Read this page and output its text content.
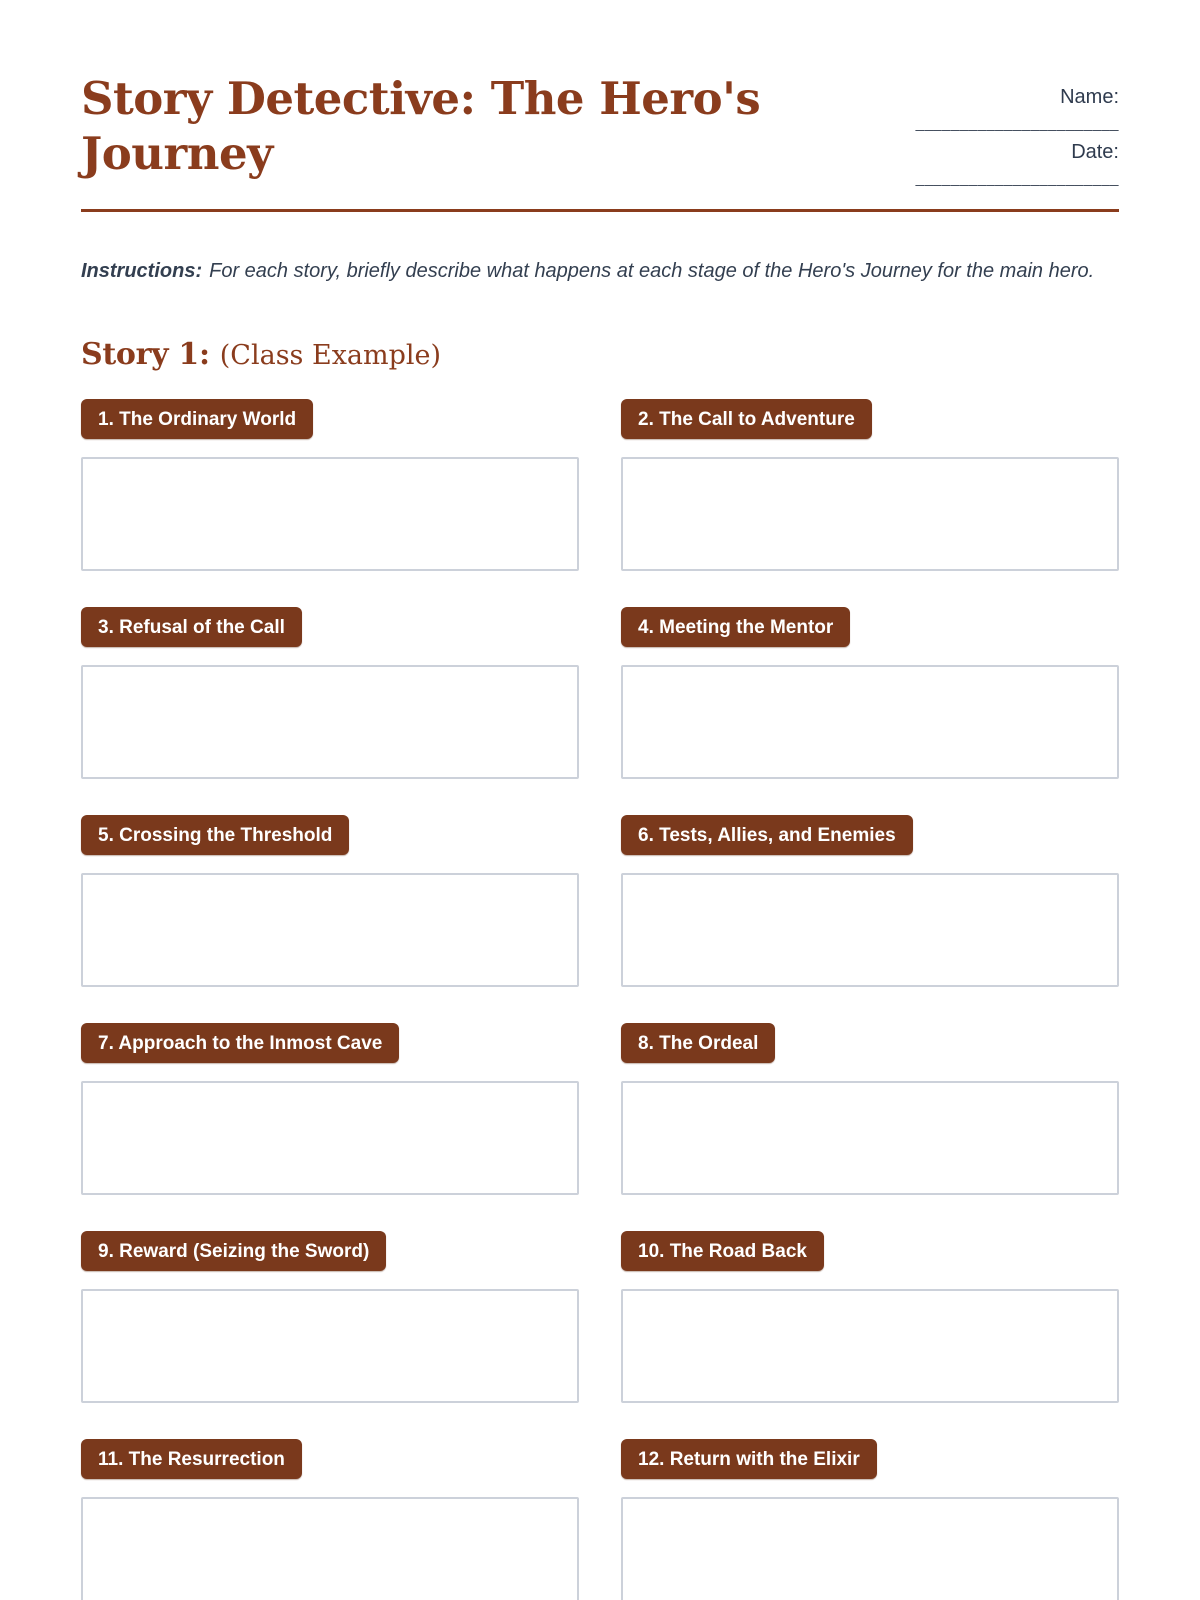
Story Detective: The Hero's Journey
Name:
_______________________
Date:
_______________________

Instructions: For each story, briefly describe what happens at each stage of the Hero's Journey for the main hero.

Story 1: (Class Example)
1. The Ordinary World	2. The Call to Adventure
3. Refusal of the Call	4. Meeting the Mentor
5. Crossing the Threshold	6. Tests, Allies, and Enemies
7. Approach to the Inmost Cave	8. The Ordeal
9. Reward (Seizing the Sword)	10. The Road Back
11. The Resurrection	12. Return with the Elixir
